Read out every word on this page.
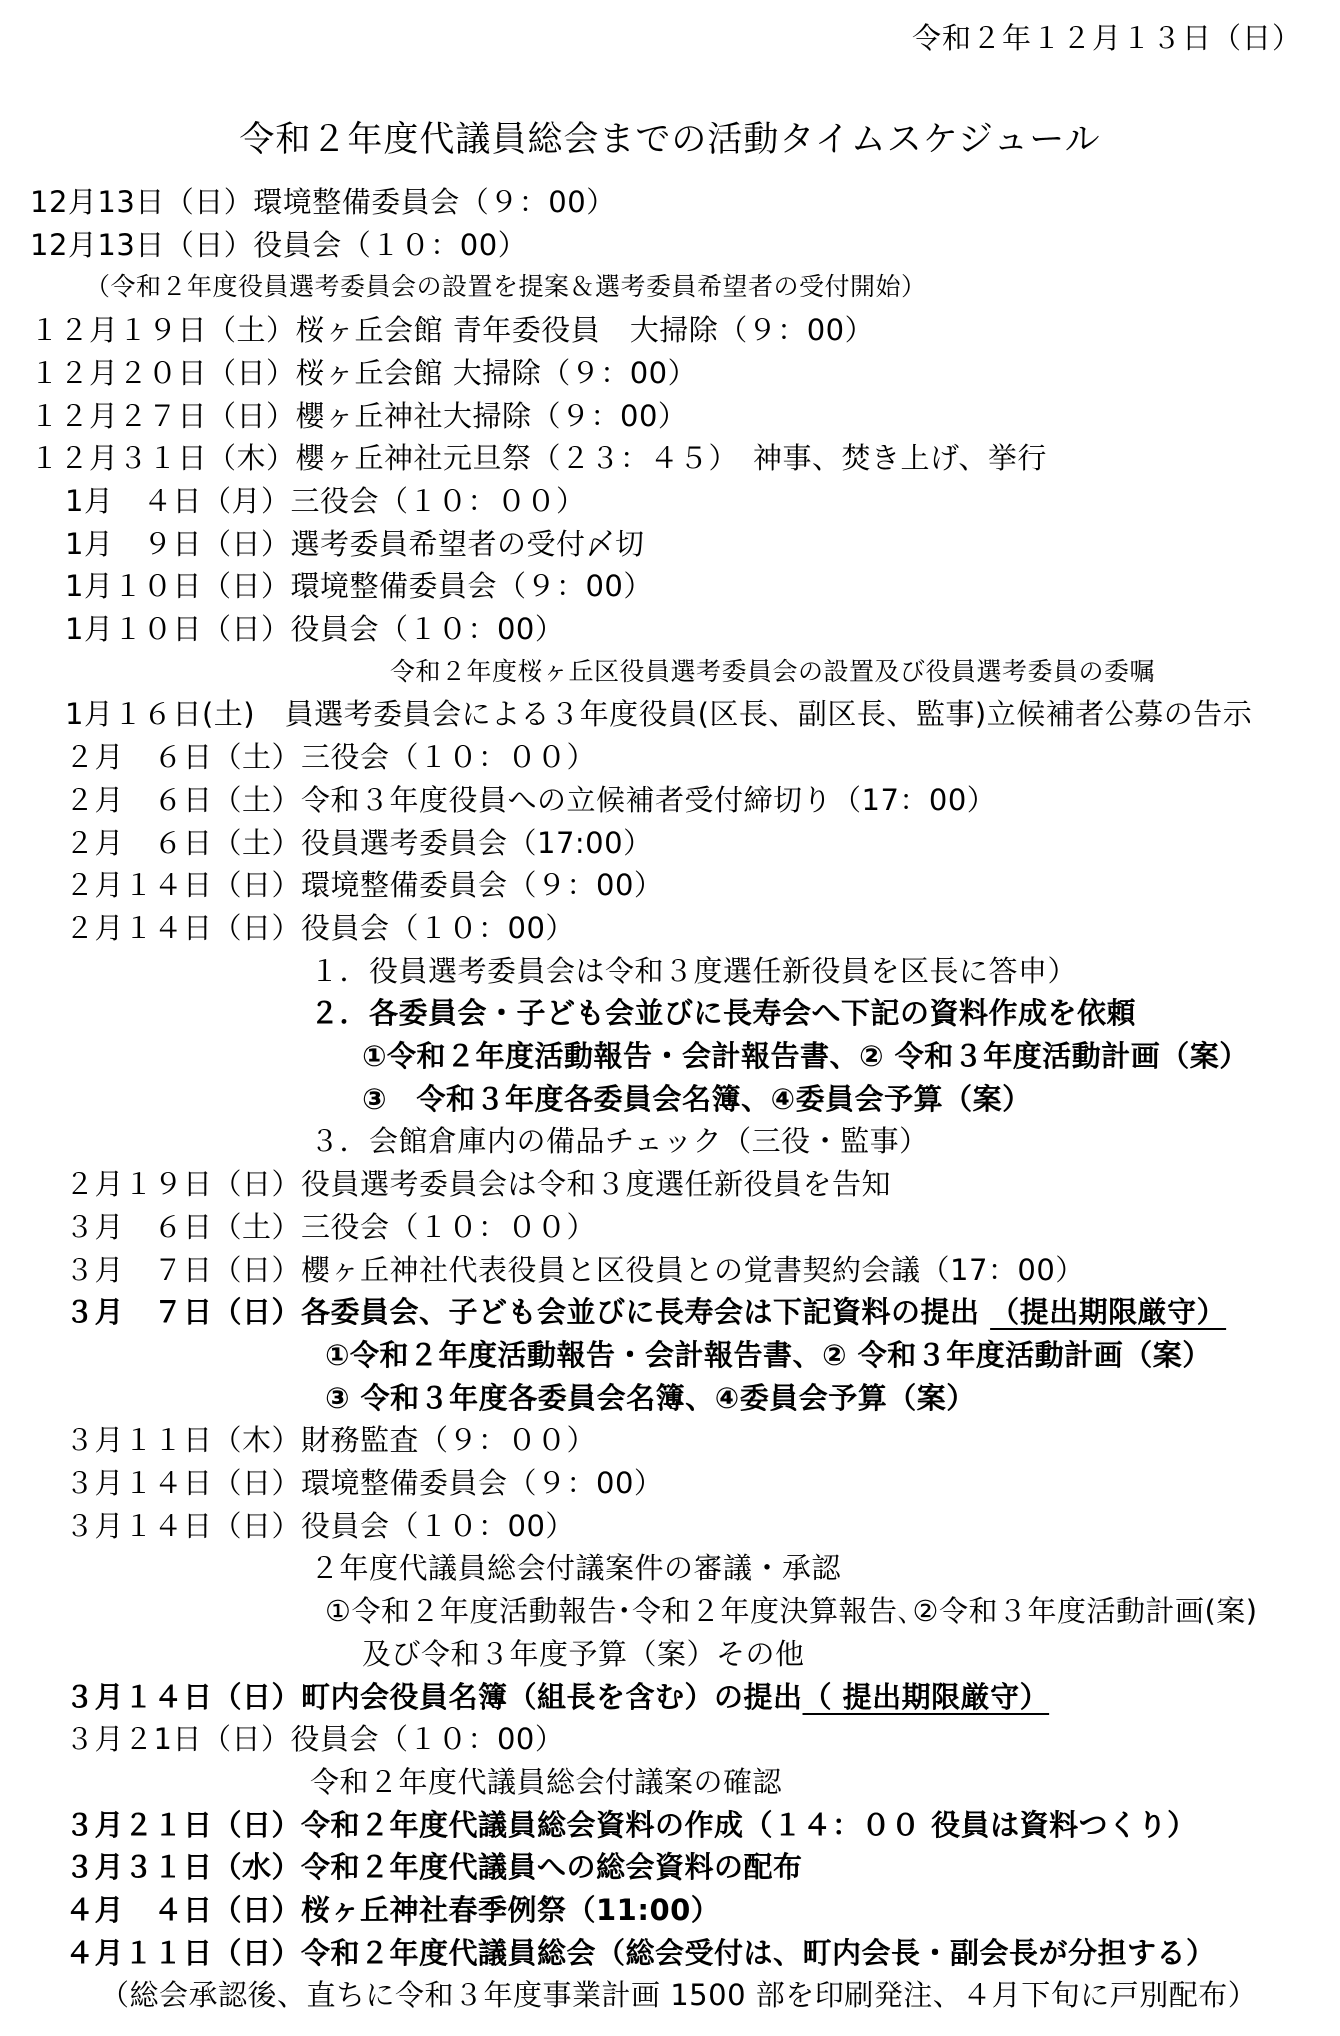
令和２年１２月１３日（日）
令和２年度代議員総会までの活動タイムスケジュール
12月13日（日）環境整備委員会（９：00）
12月13日（日）役員会（１０：00）
（令和２年度役員選考委員会の設置を提案＆選考委員希望者の受付開始）
１２月１９日（土）桜ヶ丘会館 青年委役員　大掃除（９：00）
１２月２０日（日）桜ヶ丘会館 大掃除（９：00）
１２月２７日（日）櫻ヶ丘神社大掃除（９：00）
１２月３１日（木）櫻ヶ丘神社元旦祭（２３：４５）　神事、焚き上げ、挙行
1月　４日（月）三役会（１０：００）
1月　９日（日）選考委員希望者の受付〆切
1月１０日（日）環境整備委員会（９：00）
1月１０日（日）役員会（１０：00）
令和２年度桜ヶ丘区役員選考委員会の設置及び役員選考委員の委嘱
1月１６日(土)　員選考委員会による３年度役員(区長、副区長、監事)立候補者公募の告示
２月　６日（土）三役会（１０：００）
２月　６日（土）令和３年度役員への立候補者受付締切り（17：00）
２月　６日（土）役員選考委員会（17:00）
２月１４日（日）環境整備委員会（９：00）
２月１４日（日）役員会（１０：00）
１．役員選考委員会は令和３度選任新役員を区長に答申）
２．各委員会・子ども会並びに長寿会へ下記の資料作成を依頼
①令和２年度活動報告・会計報告書、② 令和３年度活動計画（案）
③　令和３年度各委員会名簿、④委員会予算（案）
３．会館倉庫内の備品チェック（三役・監事）
２月１９日（日）役員選考委員会は令和３度選任新役員を告知
３月　６日（土）三役会（１０：００）
３月　７日（日）櫻ヶ丘神社代表役員と区役員との覚書契約会議（17：00）
３月　７日（日）各委員会、子ども会並びに長寿会は下記資料の提出 （提出期限厳守）
①令和２年度活動報告・会計報告書、② 令和３年度活動計画（案）
③ 令和３年度各委員会名簿、④委員会予算（案）
３月１１日（木）財務監査（９：００）
３月１４日（日）環境整備委員会（９：00）
３月１４日（日）役員会（１０：00）
２年度代議員総会付議案件の審議・承認
①令和２年度活動報告･令和２年度決算報告､②令和３年度活動計画(案)
及び令和３年度予算（案）その他
３月１４日（日）町内会役員名簿（組長を含む）の提出（ 提出期限厳守）
３月２1日（日）役員会（１０：00）
令和２年度代議員総会付議案の確認
３月２１日（日）令和２年度代議員総会資料の作成（１４：００ 役員は資料つくり）
３月３１日（水）令和２年度代議員への総会資料の配布
４月　４日（日）桜ヶ丘神社春季例祭（11:00）
４月１１日（日）令和２年度代議員総会（総会受付は、町内会長・副会長が分担する）
（総会承認後、直ちに令和３年度事業計画 1500 部を印刷発注、４月下旬に戸別配布）
